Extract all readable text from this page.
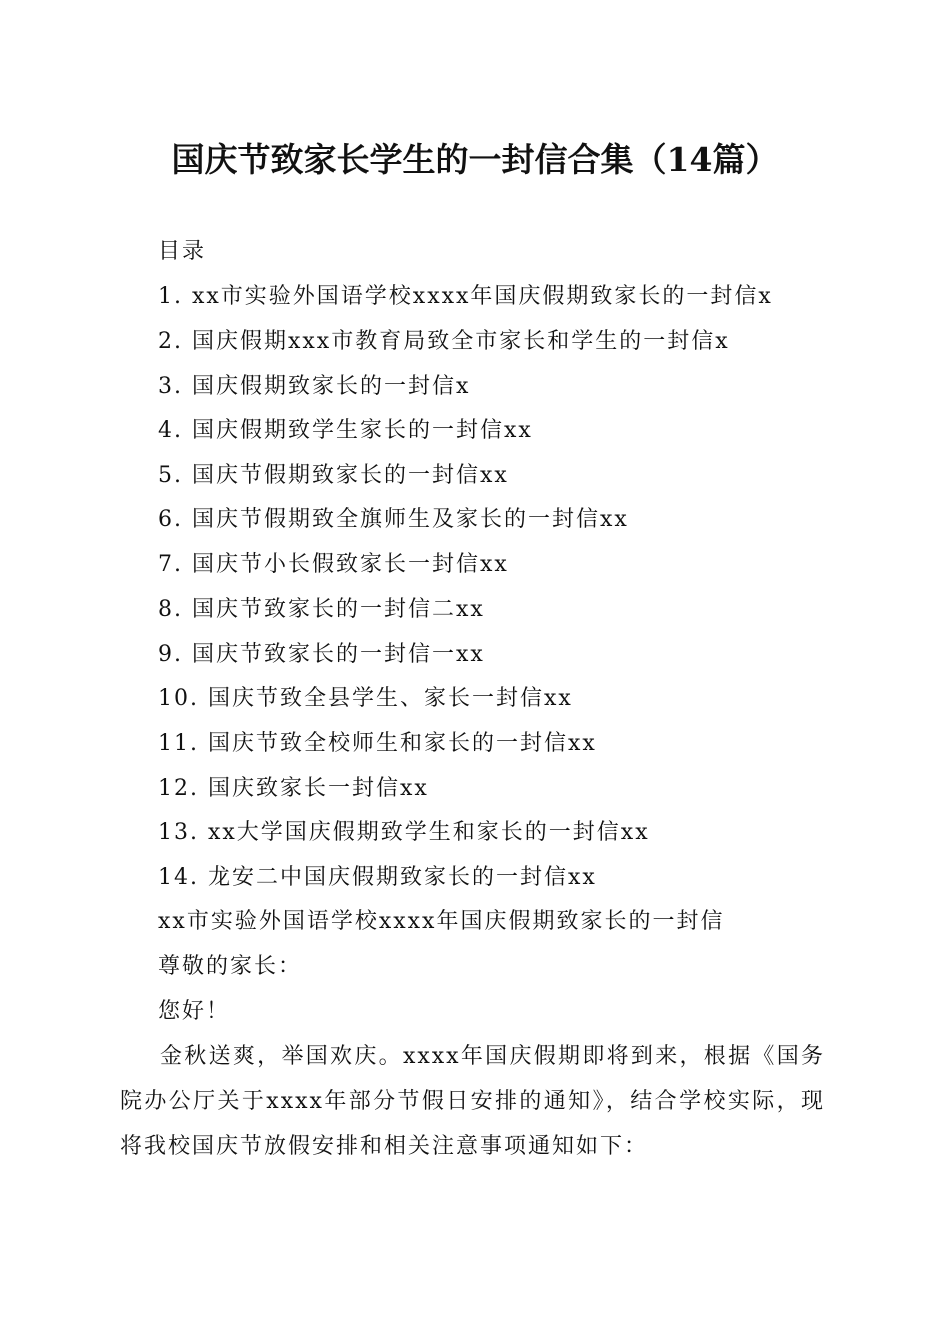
国庆节致家长学生的一封信合集（14篇）
目录
1. xx市实验外国语学校xxxx年国庆假期致家长的一封信x
2. 国庆假期xxx市教育局致全市家长和学生的一封信x
3. 国庆假期致家长的一封信x
4. 国庆假期致学生家长的一封信xx
5. 国庆节假期致家长的一封信xx
6. 国庆节假期致全旗师生及家长的一封信xx
7. 国庆节小长假致家长一封信xx
8. 国庆节致家长的一封信二xx
9. 国庆节致家长的一封信一xx
10. 国庆节致全县学生、家长一封信xx
11. 国庆节致全校师生和家长的一封信xx
12. 国庆致家长一封信xx
13. xx大学国庆假期致学生和家长的一封信xx
14. 龙安二中国庆假期致家长的一封信xx
xx市实验外国语学校xxxx年国庆假期致家长的一封信
尊敬的家长：
您好！
金秋送爽，举国欢庆。xxxx年国庆假期即将到来，根据《国务院办公厅关于xxxx年部分节假日安排的通知》，结合学校实际，现将我校国庆节放假安排和相关注意事项通知如下：
